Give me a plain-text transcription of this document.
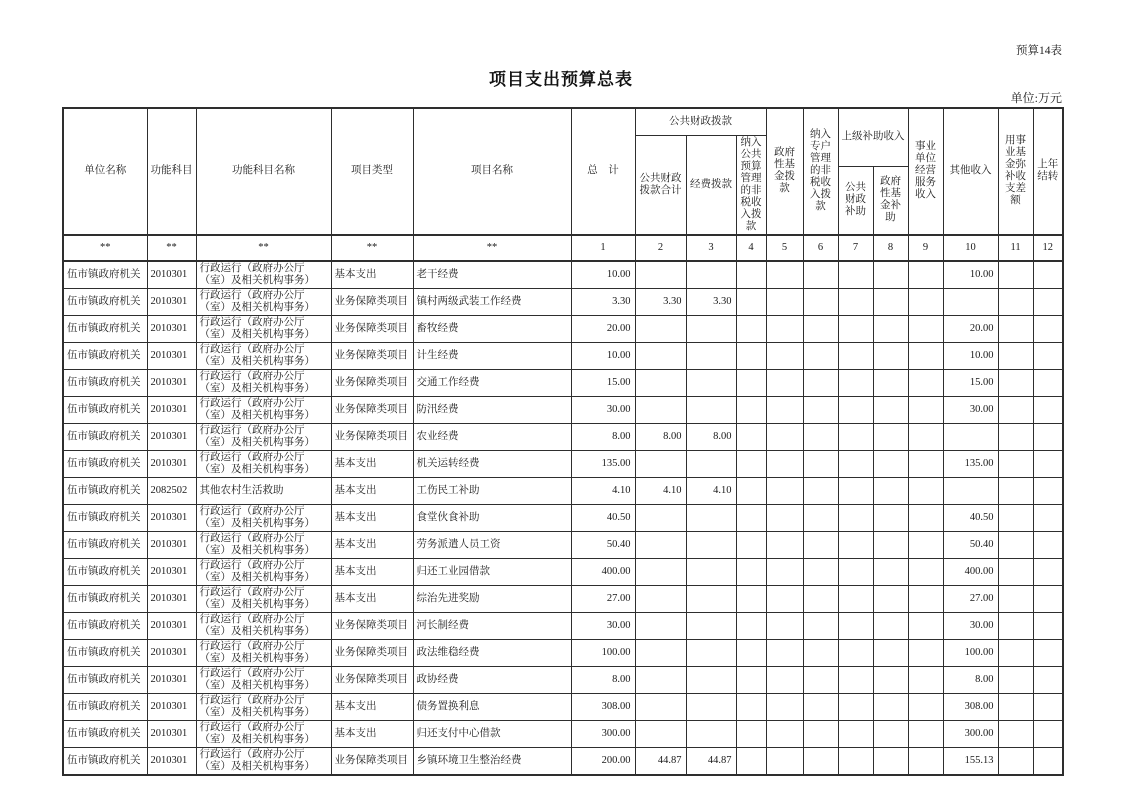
预算14表
项目支出预算总表
单位:万元
单位名称	功能科目	功能科目名称	项目类型	项目名称	总　计	公共财政拨款			政府性基金拨款	纳入专户管理的非税收入拨款	上级补助收入		事业单位经营服务收入	其他收入	用事业基金弥补收支差额	上年结转
						公共财政拨款合计	经费拨款	纳入公共预算管理的非税收入拨款								
											公共财政补助	政府性基金补助				
**	**	**	**	**	1	2	3	4	5	6	7	8	9	10	11	12
伍市镇政府机关	2010301	行政运行（政府办公厅（室）及相关机构事务）	基本支出	老干经费	10.00									10.00		
伍市镇政府机关	2010301	行政运行（政府办公厅（室）及相关机构事务）	业务保障类项目	镇村两级武装工作经费	3.30	3.30	3.30									
伍市镇政府机关	2010301	行政运行（政府办公厅（室）及相关机构事务）	业务保障类项目	畜牧经费	20.00									20.00		
伍市镇政府机关	2010301	行政运行（政府办公厅（室）及相关机构事务）	业务保障类项目	计生经费	10.00									10.00		
伍市镇政府机关	2010301	行政运行（政府办公厅（室）及相关机构事务）	业务保障类项目	交通工作经费	15.00									15.00		
伍市镇政府机关	2010301	行政运行（政府办公厅（室）及相关机构事务）	业务保障类项目	防汛经费	30.00									30.00		
伍市镇政府机关	2010301	行政运行（政府办公厅（室）及相关机构事务）	业务保障类项目	农业经费	8.00	8.00	8.00									
伍市镇政府机关	2010301	行政运行（政府办公厅（室）及相关机构事务）	基本支出	机关运转经费	135.00									135.00		
伍市镇政府机关	2082502	其他农村生活救助	基本支出	工伤民工补助	4.10	4.10	4.10									
伍市镇政府机关	2010301	行政运行（政府办公厅（室）及相关机构事务）	基本支出	食堂伙食补助	40.50									40.50		
伍市镇政府机关	2010301	行政运行（政府办公厅（室）及相关机构事务）	基本支出	劳务派遣人员工资	50.40									50.40		
伍市镇政府机关	2010301	行政运行（政府办公厅（室）及相关机构事务）	基本支出	归还工业园借款	400.00									400.00		
伍市镇政府机关	2010301	行政运行（政府办公厅（室）及相关机构事务）	基本支出	综治先进奖励	27.00									27.00		
伍市镇政府机关	2010301	行政运行（政府办公厅（室）及相关机构事务）	业务保障类项目	河长制经费	30.00									30.00		
伍市镇政府机关	2010301	行政运行（政府办公厅（室）及相关机构事务）	业务保障类项目	政法维稳经费	100.00									100.00		
伍市镇政府机关	2010301	行政运行（政府办公厅（室）及相关机构事务）	业务保障类项目	政协经费	8.00									8.00		
伍市镇政府机关	2010301	行政运行（政府办公厅（室）及相关机构事务）	基本支出	债务置换利息	308.00									308.00		
伍市镇政府机关	2010301	行政运行（政府办公厅（室）及相关机构事务）	基本支出	归还支付中心借款	300.00									300.00		
伍市镇政府机关	2010301	行政运行（政府办公厅（室）及相关机构事务）	业务保障类项目	乡镇环境卫生整治经费	200.00	44.87	44.87							155.13		
